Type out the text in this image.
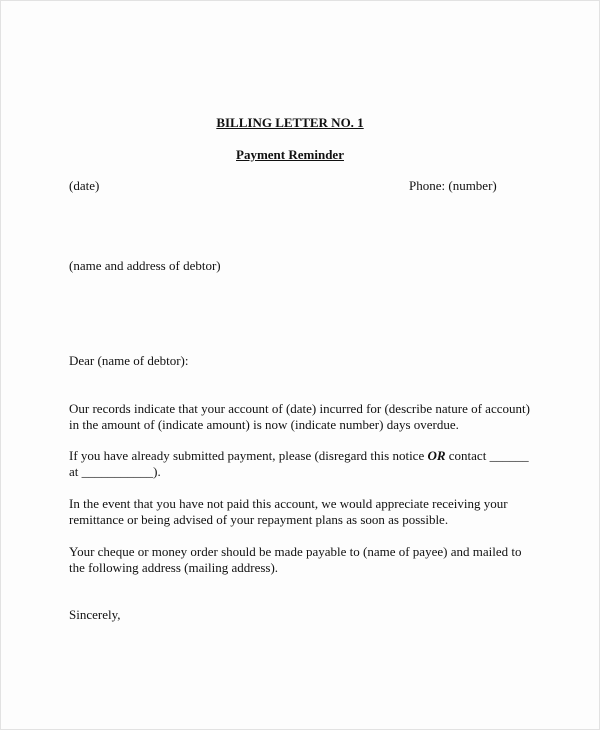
BILLING LETTER NO. 1
Payment Reminder
(date)	Phone: (number)
(name and address of debtor)
Dear (name of debtor):
Our records indicate that your account of (date) incurred for (describe nature of account)
in the amount of (indicate amount) is now (indicate number) days overdue.
If you have already submitted payment, please (disregard this notice OR contact ______
at ___________).
In the event that you have not paid this account, we would appreciate receiving your
remittance or being advised of your repayment plans as soon as possible.
Your cheque or money order should be made payable to (name of payee) and mailed to
the following address (mailing address).
Sincerely,
